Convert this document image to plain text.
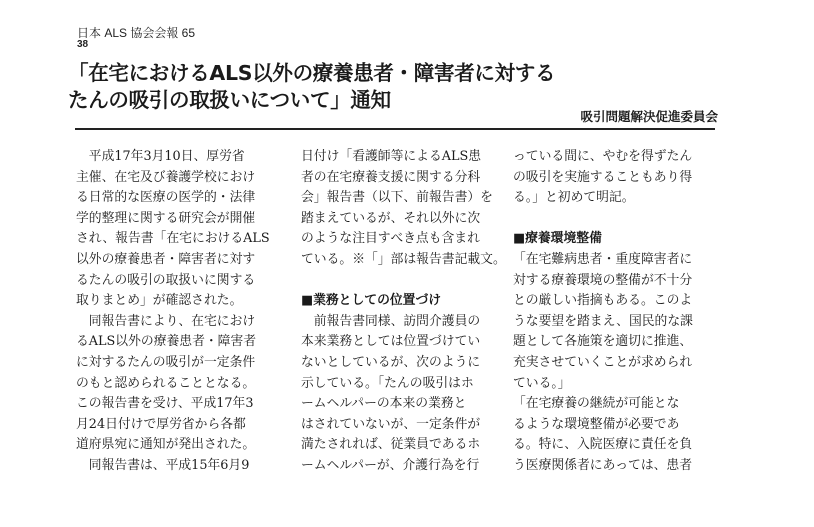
日本 ALS 協会会報 65
38
「在宅におけるALS以外の療養患者・障害者に対する
たんの吸引の取扱いについて」通知
吸引問題解決促進委員会

　平成17年3月10日、厚労省
主催、在宅及び養護学校におけ
る日常的な医療の医学的・法律
学的整理に関する研究会が開催
され、報告書「在宅におけるALS
以外の療養患者・障害者に対す
るたんの吸引の取扱いに関する
取りまとめ」が確認された。

　同報告書により、在宅におけ
るALS以外の療養患者・障害者
に対するたんの吸引が一定条件
のもと認められることとなる。
この報告書を受け、平成17年3
月24日付けで厚労省から各都
道府県宛に通知が発出された。

　同報告書は、平成15年6月9

日付け「看護師等によるALS患
者の在宅療養支援に関する分科
会」報告書（以下、前報告書）を
踏まえているが、それ以外に次
のような注目すべき点も含まれ
ている。※「」部は報告書記載文。

■業務としての位置づけ

　前報告書同様、訪問介護員の
本来業務としては位置づけてい
ないとしているが、次のように
示している。「たんの吸引はホ
ームヘルパーの本来の業務と
はされていないが、一定条件が
満たされれば、従業員であるホ
ームヘルパーが、介護行為を行

っている間に、やむを得ずたん
の吸引を実施することもあり得
る。」と初めて明記。

■療養環境整備

「在宅難病患者・重度障害者に
対する療養環境の整備が不十分
との厳しい指摘もある。このよ
うな要望を踏まえ、国民的な課
題として各施策を適切に推進、
充実させていくことが求められ
ている。」

「在宅療養の継続が可能とな
るような環境整備が必要であ
る。特に、入院医療に責任を負
う医療関係者にあっては、患者
